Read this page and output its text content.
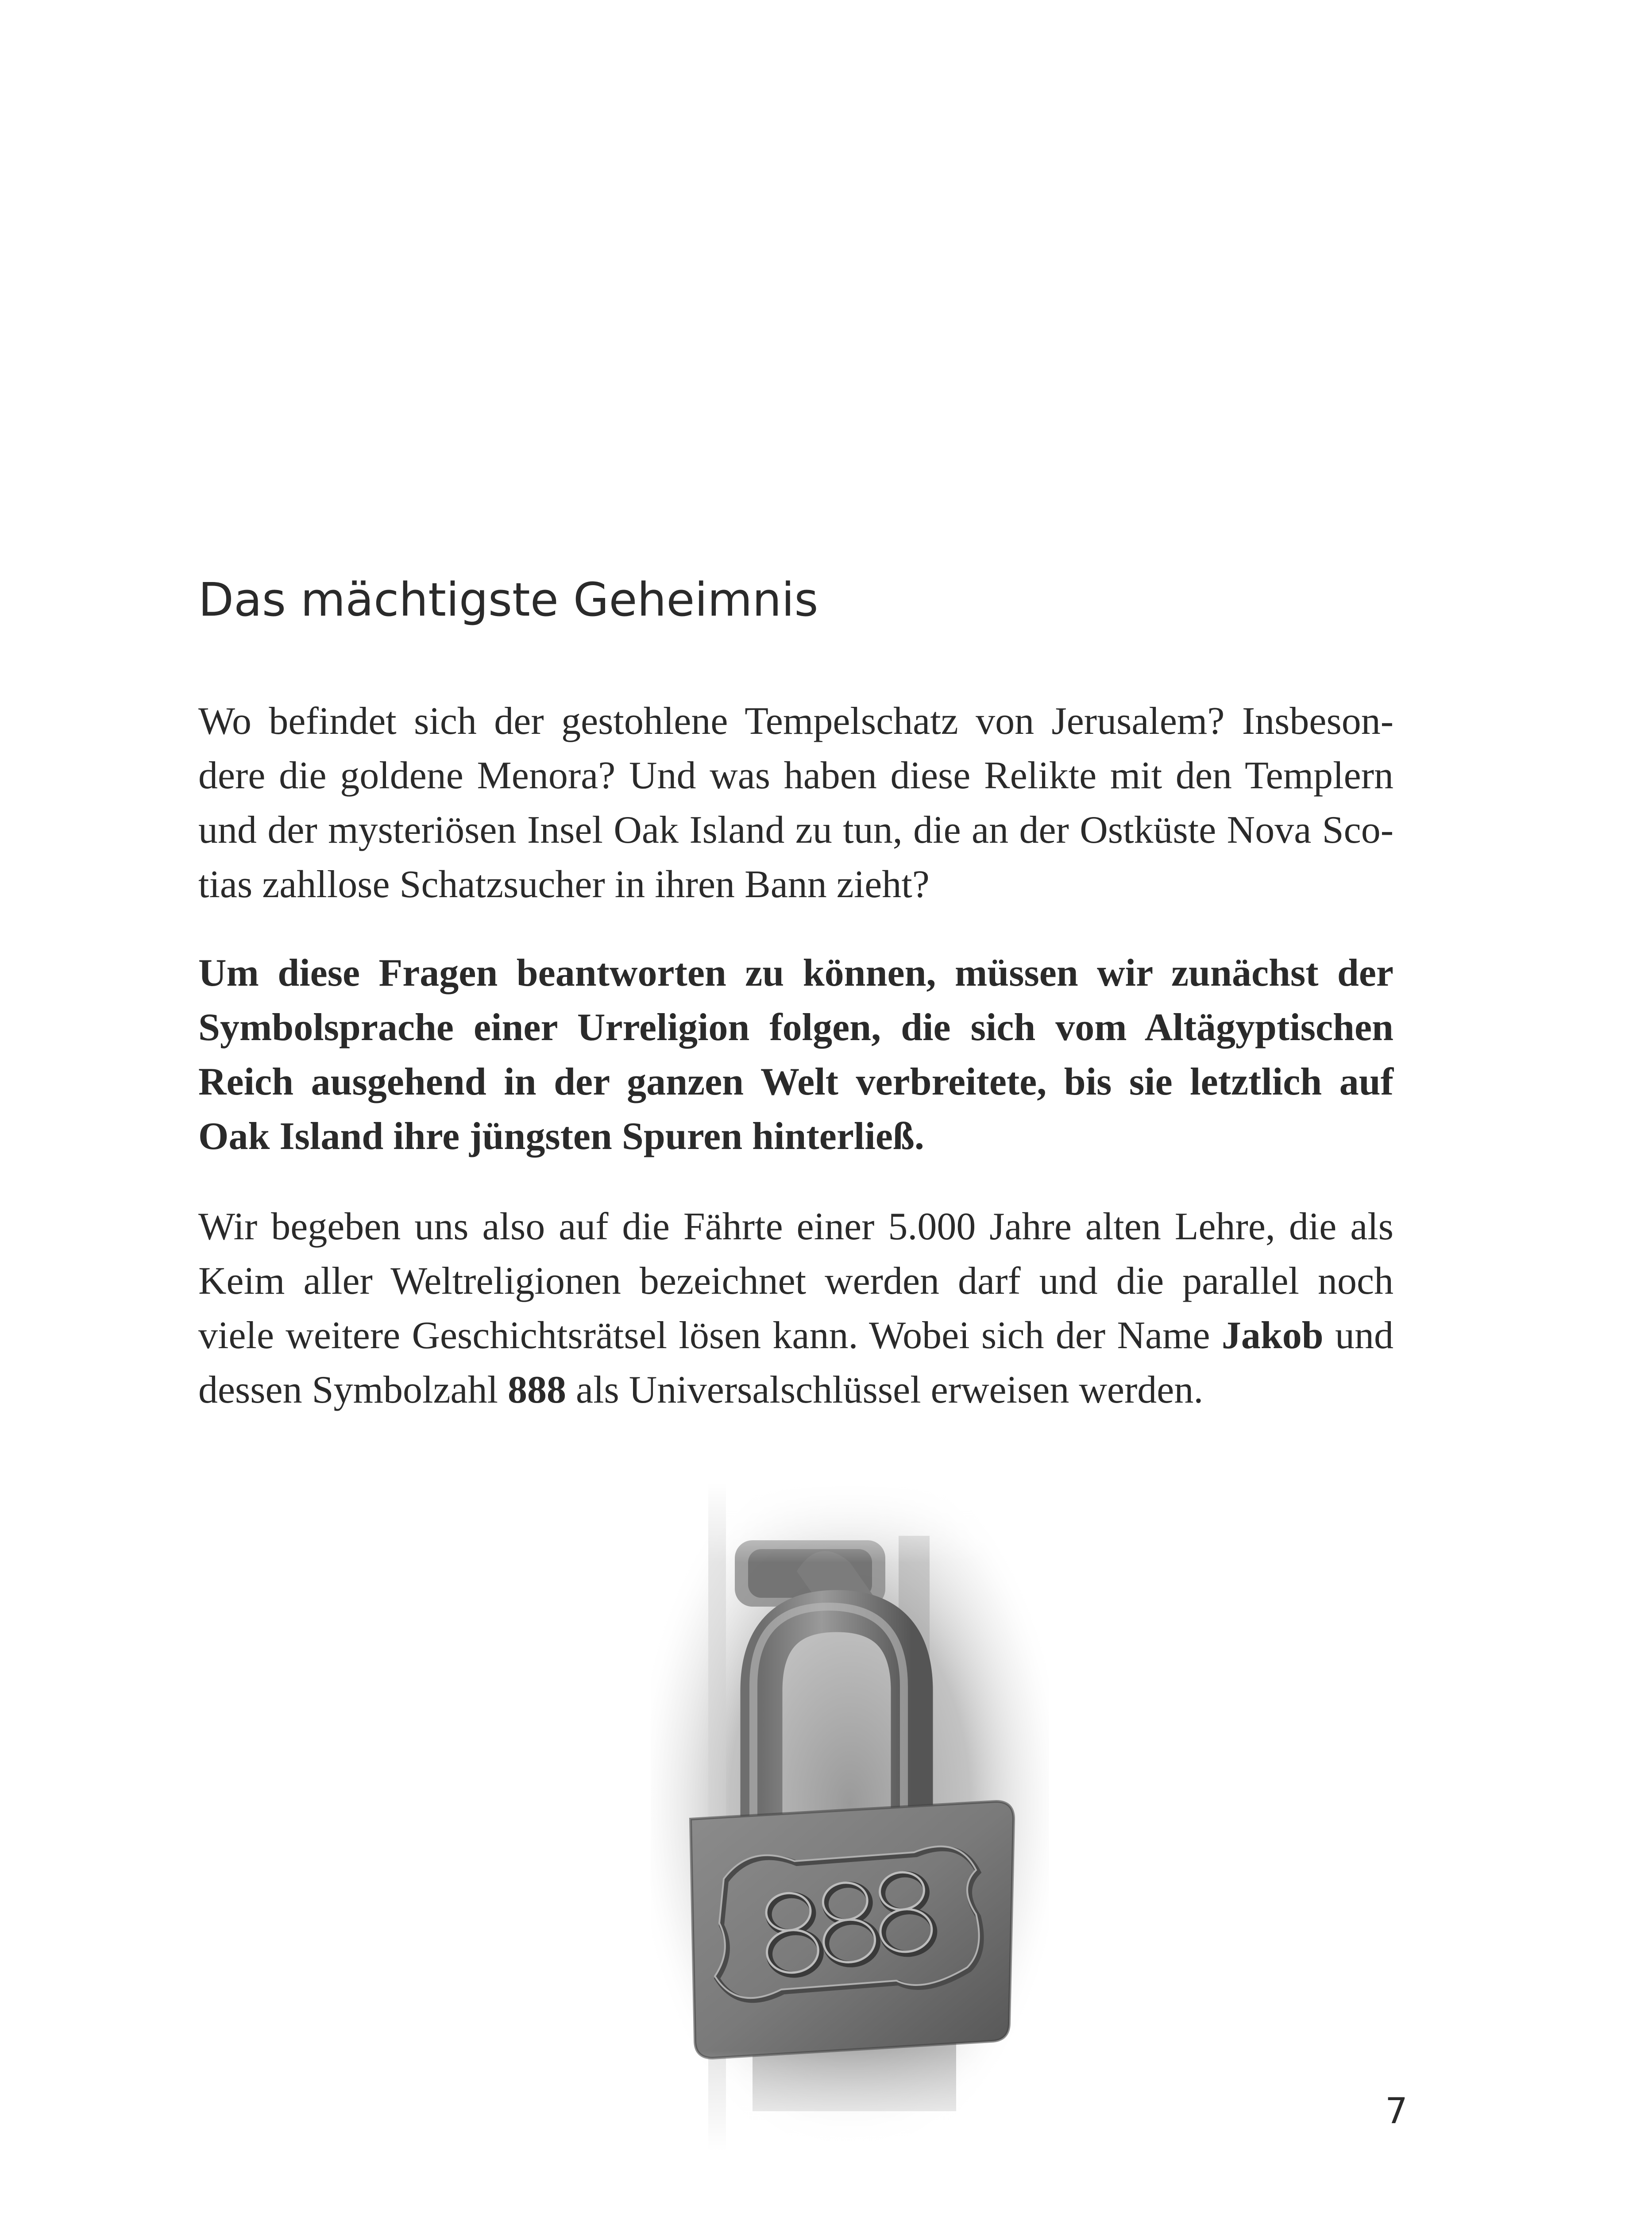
Das mächtigste Geheimnis

Wo befindet sich der gestohlene Tempelschatz von Jerusalem? Insbeson-
dere die goldene Menora? Und was haben diese Relikte mit den Templern
und der mysteriösen Insel Oak Island zu tun, die an der Ostküste Nova Sco-
tias zahllose Schatzsucher in ihren Bann zieht?

Um diese Fragen beantworten zu können, müssen wir zunächst der
Symbolsprache einer Urreligion folgen, die sich vom Altägyptischen
Reich ausgehend in der ganzen Welt verbreitete, bis sie letztlich auf
Oak Island ihre jüngsten Spuren hinterließ.

Wir begeben uns also auf die Fährte einer 5.000 Jahre alten Lehre, die als
Keim aller Weltreligionen bezeichnet werden darf und die parallel noch
viele weitere Geschichtsrätsel lösen kann. Wobei sich der Name Jakob und
dessen Symbolzahl 888 als Universalschlüssel erweisen werden.

7
